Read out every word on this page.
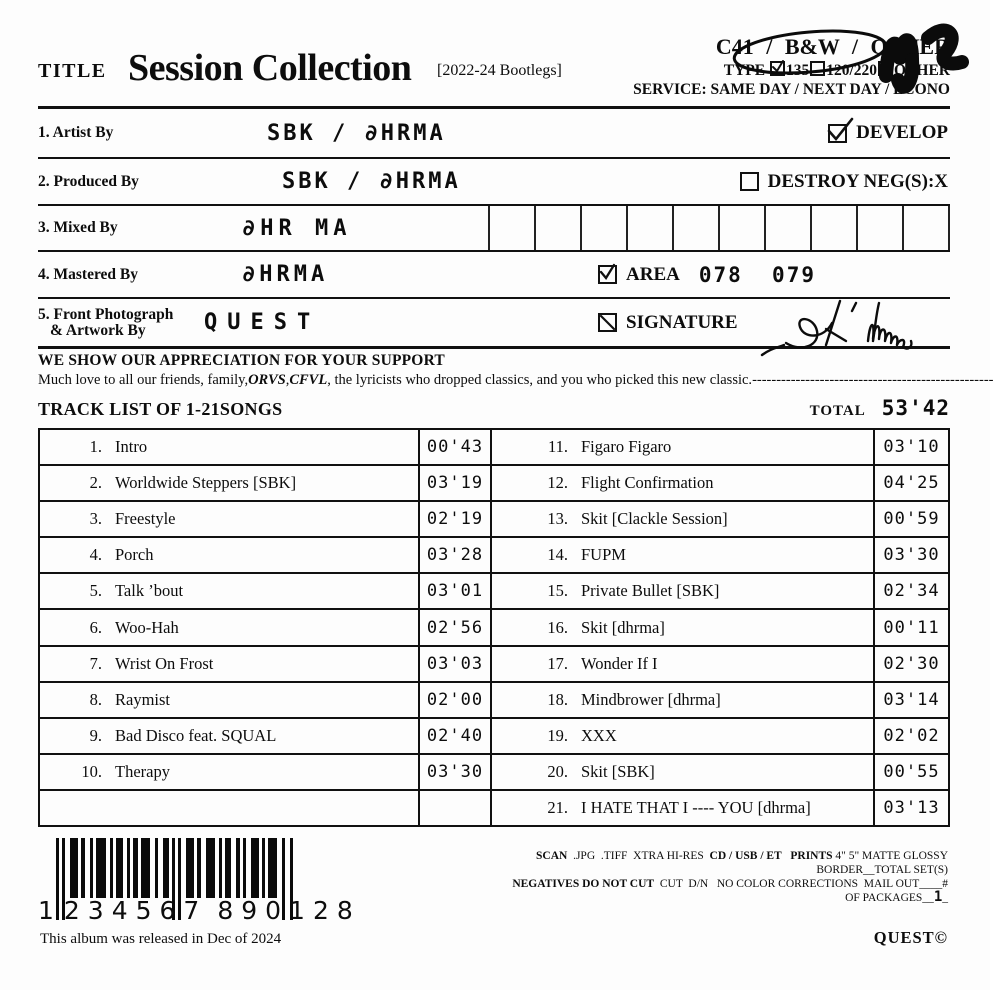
TITLE Session Collection [2022-24 Bootlegs]
C41 / B&W / OTHER
TYPE 135 120/220 OTHER
SERVICE: SAME DAY / NEXT DAY / ECONO
1. Artist By	SBK / ∂HRMA	DEVELOP
2. Produced By	SBK / ∂HRMA	DESTROY NEG(S):X
3. Mixed By	∂HR MA
4. Mastered By	∂HRMA	AREA 078  079
5. Front Photograph
& Artwork By	QUEST	SIGNATURE
WE SHOW OUR APPRECIATION FOR YOUR SUPPORT
Much love to all our friends, family, ORVS , CFVL , the lyricists who dropped classics, and you who picked this new classic. --------------------------------------------------
TRACK LIST OF 1-21SONGS	TOTAL 53'42
1. Intro	00'43
2. Worldwide Steppers [SBK]	03'19
3. Freestyle	02'19
4. Porch	03'28
5. Talk ’bout	03'01
6. Woo-Hah	02'56
7. Wrist On Frost	03'03
8. Raymist	02'00
9. Bad Disco feat. SQUAL	02'40
10. Therapy	03'30
11. Figaro Figaro	03'10
12. Flight Confirmation	04'25
13. Skit [Clackle Session]	00'59
14. FUPM	03'30
15. Private Bullet [SBK]	02'34
16. Skit [dhrma]	00'11
17. Wonder If I	02'30
18. Mindbrower [dhrma]	03'14
19. XXX	02'02
20. Skit [SBK]	00'55
21. I HATE THAT I ---- YOU [dhrma]	03'13
1 234567 890128
This album was released in Dec of 2024
SCAN  .JPG  .TIFF  XTRA HI-RES  CD / USB / ET PRINTS 4" 5" MATTE GLOSSY
BORDER__TOTAL SET(S)
NEGATIVES DO NOT CUT  CUT  D/N   NO COLOR CORRECTIONS  MAIL OUT____#
OF PACKAGES__1_
QUEST©
